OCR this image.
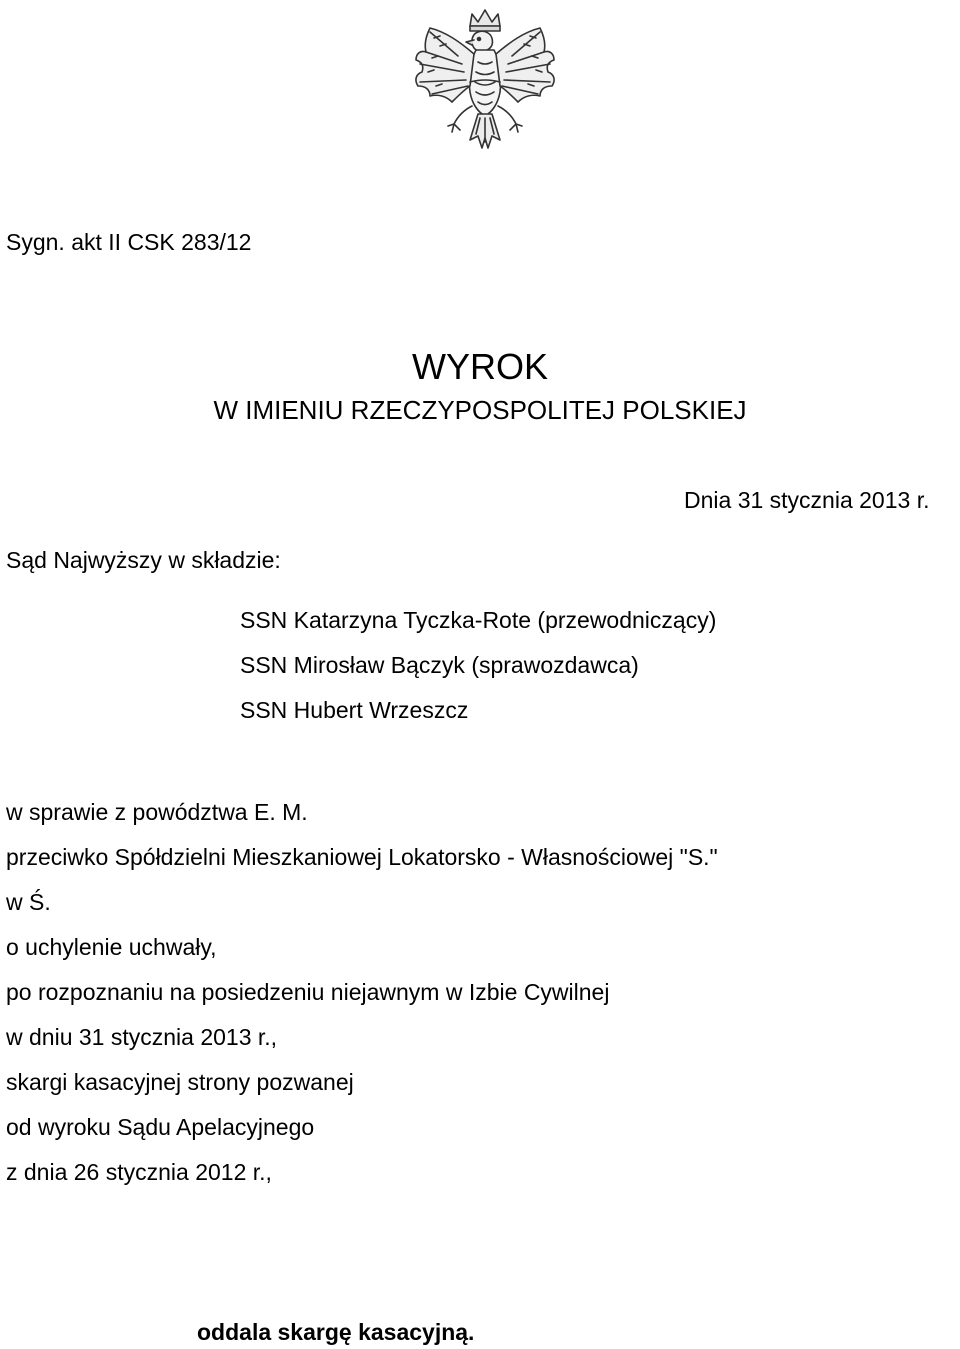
Sygn. akt II CSK 283/12
WYROK
W IMIENIU RZECZYPOSPOLITEJ POLSKIEJ
Dnia 31 stycznia 2013 r.
Sąd Najwyższy w składzie:
SSN Katarzyna Tyczka-Rote (przewodniczący)
SSN Mirosław Bączyk (sprawozdawca)
SSN Hubert Wrzeszcz
w sprawie z powództwa E. M.
przeciwko Spółdzielni Mieszkaniowej Lokatorsko - Własnościowej "S."
w Ś.
o uchylenie uchwały,
po rozpoznaniu na posiedzeniu niejawnym w Izbie Cywilnej
w dniu 31 stycznia 2013 r.,
skargi kasacyjnej strony pozwanej
od wyroku Sądu Apelacyjnego
z dnia 26 stycznia 2012 r.,
oddala skargę kasacyjną.
